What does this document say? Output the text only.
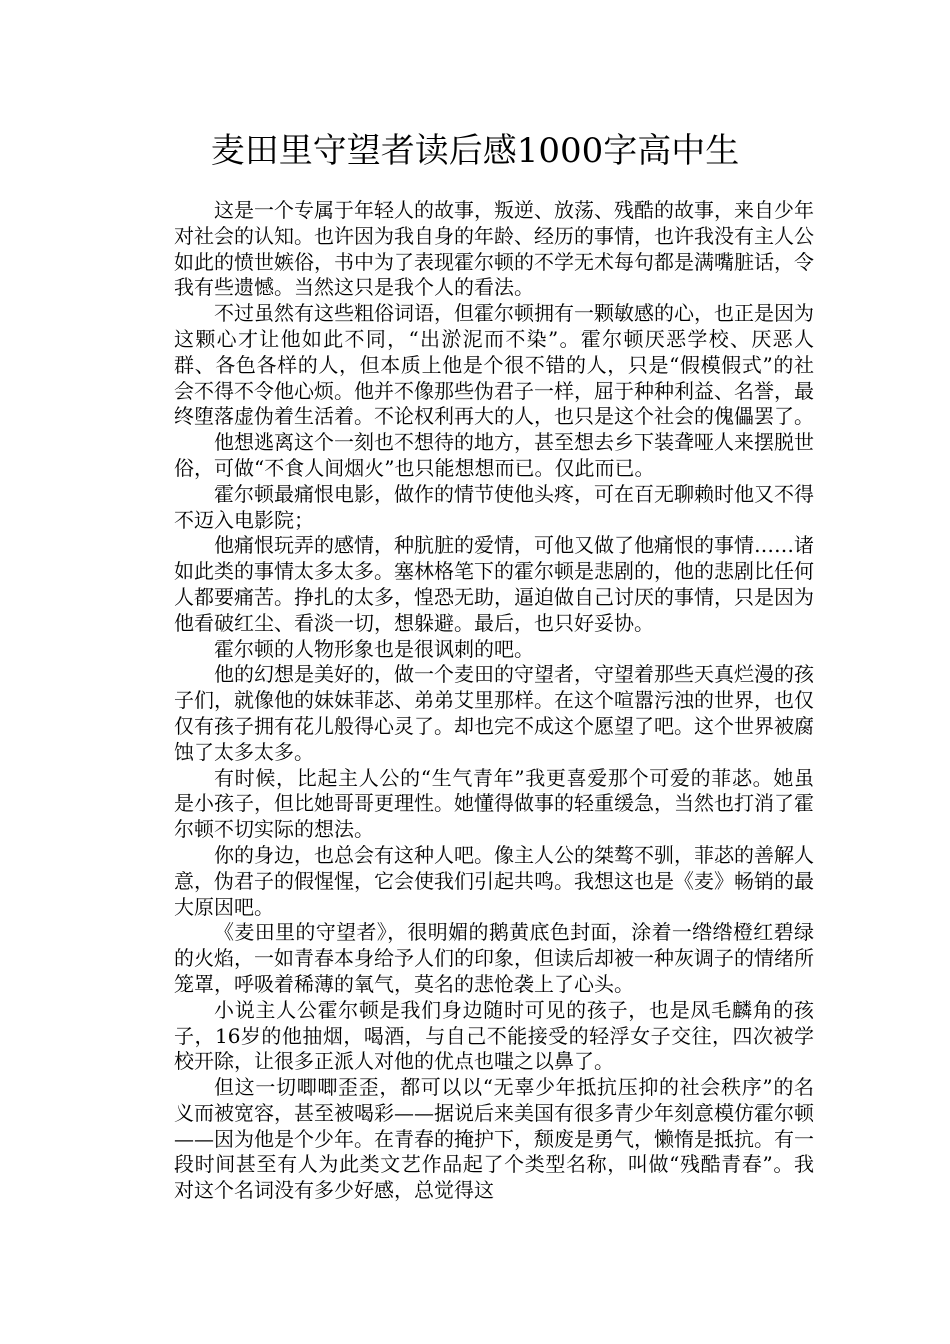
麦田里守望者读后感1000字高中生

这是一个专属于年轻人的故事，叛逆、放荡、残酷的故事，来自少年对社会的认知。也许因为我自身的年龄、经历的事情，也许我没有主人公如此的愤世嫉俗，书中为了表现霍尔顿的不学无术每句都是满嘴脏话，令我有些遗憾。当然这只是我个人的看法。

不过虽然有这些粗俗词语，但霍尔顿拥有一颗敏感的心，也正是因为这颗心才让他如此不同，“出淤泥而不染”。霍尔顿厌恶学校、厌恶人群、各色各样的人，但本质上他是个很不错的人，只是“假模假式”的社会不得不令他心烦。他并不像那些伪君子一样，屈于种种利益、名誉，最终堕落虚伪着生活着。不论权利再大的人，也只是这个社会的傀儡罢了。

他想逃离这个一刻也不想待的地方，甚至想去乡下装聋哑人来摆脱世俗，可做“不食人间烟火”也只能想想而已。仅此而已。

霍尔顿最痛恨电影，做作的情节使他头疼，可在百无聊赖时他又不得不迈入电影院；

他痛恨玩弄的感情，种肮脏的爱情，可他又做了他痛恨的事情……诸如此类的事情太多太多。塞林格笔下的霍尔顿是悲剧的，他的悲剧比任何人都要痛苦。挣扎的太多，惶恐无助，逼迫做自己讨厌的事情，只是因为他看破红尘、看淡一切，想躲避。最后，也只好妥协。

霍尔顿的人物形象也是很讽刺的吧。

他的幻想是美好的，做一个麦田的守望者，守望着那些天真烂漫的孩子们，就像他的妹妹菲苾、弟弟艾里那样。在这个喧嚣污浊的世界，也仅仅有孩子拥有花儿般得心灵了。却也完不成这个愿望了吧。这个世界被腐蚀了太多太多。

有时候，比起主人公的“生气青年”我更喜爱那个可爱的菲苾。她虽是小孩子，但比她哥哥更理性。她懂得做事的轻重缓急，当然也打消了霍尔顿不切实际的想法。

你的身边，也总会有这种人吧。像主人公的桀骜不驯，菲苾的善解人意，伪君子的假惺惺，它会使我们引起共鸣。我想这也是《麦》畅销的最大原因吧。

《麦田里的守望者》，很明媚的鹅黄底色封面，涂着一绺绺橙红碧绿的火焰，一如青春本身给予人们的印象，但读后却被一种灰调子的情绪所笼罩，呼吸着稀薄的氧气，莫名的悲怆袭上了心头。

小说主人公霍尔顿是我们身边随时可见的孩子，也是凤毛麟角的孩子，16岁的他抽烟，喝酒，与自己不能接受的轻浮女子交往，四次被学校开除，让很多正派人对他的优点也嗤之以鼻了。

但这一切唧唧歪歪，都可以以“无辜少年抵抗压抑的社会秩序”的名义而被宽容，甚至被喝彩——据说后来美国有很多青少年刻意模仿霍尔顿——因为他是个少年。在青春的掩护下，颓废是勇气，懒惰是抵抗。有一段时间甚至有人为此类文艺作品起了个类型名称，叫做“残酷青春”。我对这个名词没有多少好感，总觉得这
